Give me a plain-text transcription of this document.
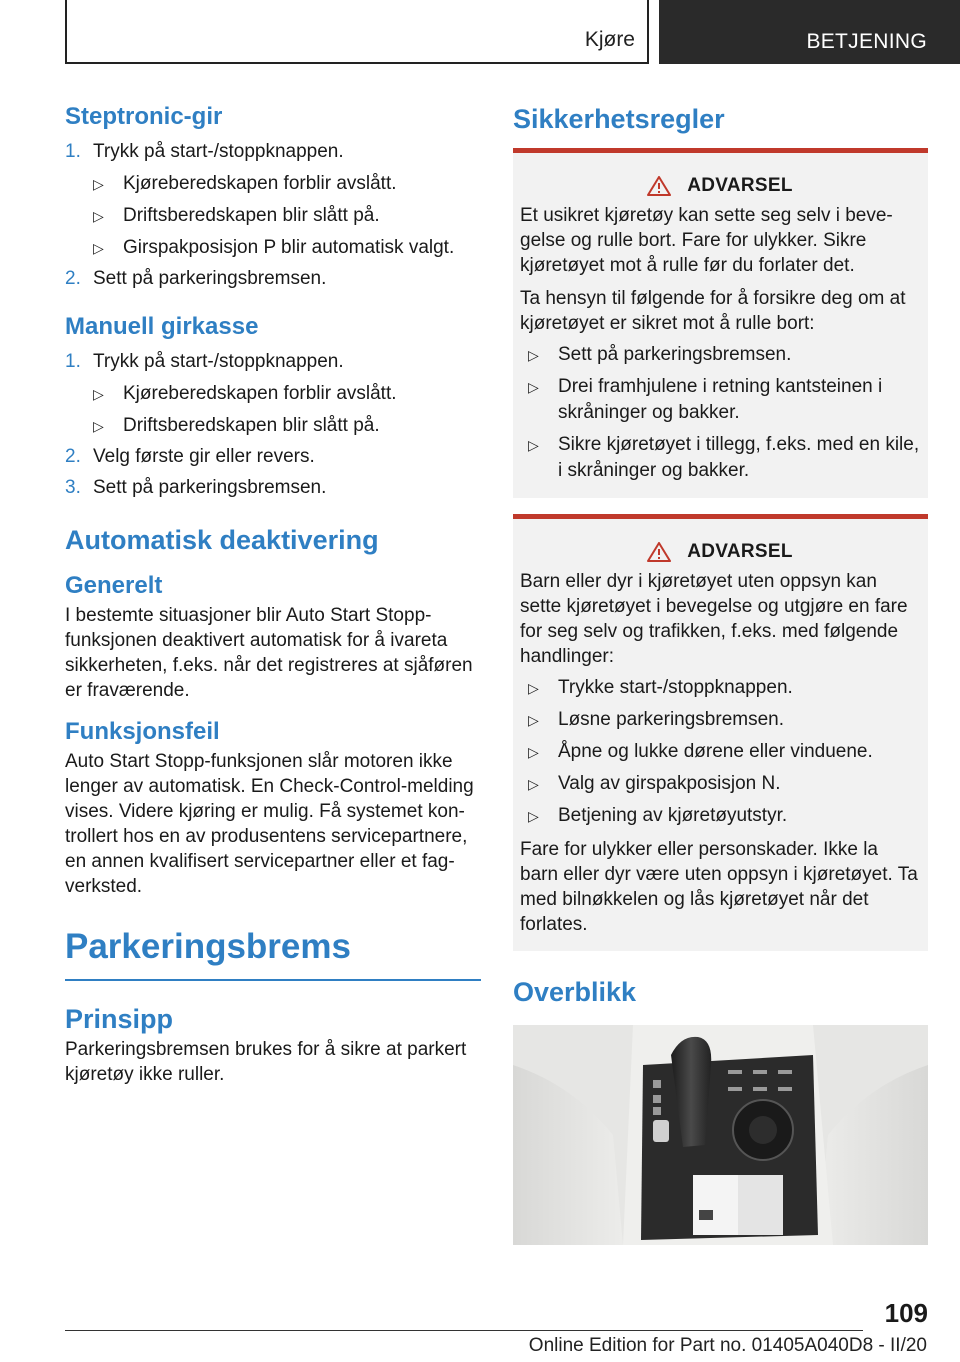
Kjøre	BETJENING
Steptronic-gir
1. Trykk på start-/stoppknappen.
▷	Kjøreberedskapen forblir avslått.
▷	Driftsberedskapen blir slått på.
▷	Girspakposisjon P blir automatisk valgt.
2. Sett på parkeringsbremsen.
Manuell girkasse
1. Trykk på start-/stoppknappen.
▷	Kjøreberedskapen forblir avslått.
▷	Driftsberedskapen blir slått på.
2. Velg første gir eller revers.
3. Sett på parkeringsbremsen.
Automatisk deaktivering
Generelt

I bestemte situasjoner blir Auto Start Stopp-funksjonen deaktivert automatisk for å ivareta sikkerheten, f.eks. når det registreres at sjåføren er fraværende.

Funksjonsfeil

Auto Start Stopp-funksjonen slår motoren ikke lenger av automatisk. En Check-Control-melding vises. Videre kjøring er mulig. Få systemet kontrollert hos en av produsentens servicepartnere, en annen kvalifisert servicepartner eller et fagverksted.

Parkeringsbrems
Prinsipp

Parkeringsbremsen brukes for å sikre at parkert kjøretøy ikke ruller.

Sikkerhetsregler
ADVARSEL

Et usikret kjøretøy kan sette seg selv i bevegelse og rulle bort. Fare for ulykker. Sikre kjøretøyet mot å rulle før du forlater det.

Ta hensyn til følgende for å forsikre deg om at kjøretøyet er sikret mot å rulle bort:

▷	Sett på parkeringsbremsen.
▷	Drei framhjulene i retning kantsteinen i skråninger og bakker.
▷	Sikre kjøretøyet i tillegg, f.eks. med en kile, i skråninger og bakker.
ADVARSEL

Barn eller dyr i kjøretøyet uten oppsyn kan sette kjøretøyet i bevegelse og utgjøre en fare for seg selv og trafikken, f.eks. med følgende handlinger:

▷	Trykke start-/stoppknappen.
▷	Løsne parkeringsbremsen.
▷	Åpne og lukke dørene eller vinduene.
▷	Valg av girspakposisjon N.
▷	Betjening av kjøretøyutstyr.

Fare for ulykker eller personskader. Ikke la barn eller dyr være uten oppsyn i kjøretøyet. Ta med bilnøkkelen og lås kjøretøyet når det forlates.

Overblikk
109
Online Edition for Part no. 01405A040D8 - II/20
